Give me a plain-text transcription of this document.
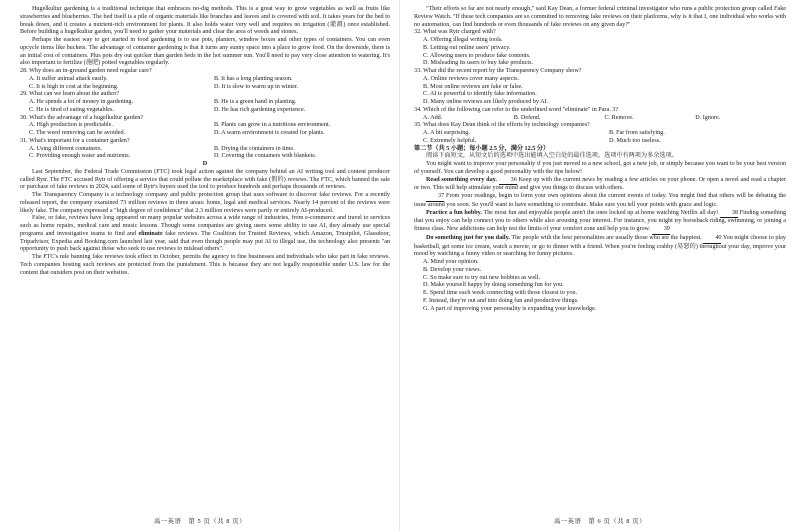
Hugelkultur gardening is a traditional technique that embraces no-dig methods. This is a great way to grow vegetables as well as fruits like strawberries and blueberries. The bed itself is a pile of organic materials like branches and leaves and is covered with soil. It takes years for the bed to break down, and it creates a nutrient-rich environment for plants. It also holds water very well and requires no irrigation (灌溉) once established. Before building a hugelkultur garden, you'll need to gather your materials and clear the area of weeds and stones.

Perhaps the easiest way to get started in food gardening is to use pots, planters, window boxes and other types of containers. You can even upcycle items like buckets. The advantage of container gardening is that it turns any sunny space into a place to grow food. On the downside, there is an initial cost of containers. Plus pots dry out quicker than garden beds in the hot summer sun. You'll need to pay very close attention to watering. It's also important to fertilize (施肥) potted vegetables regularly.

28. Why does an in-ground garden need regular care?

A. It suffer animal attack easily.	B. It has a long planting season.
C. It is high in cost at the beginning.	D. It is slow to warm up in winter.

29. What can we learn about the author?

A. He spends a lot of money in gardening.	B. He is a green hand in planting.
C. He is tired of eating vegetables.	D. He has rich gardening experience.

30. What's the advantage of a hugelkultur garden?

A. High production is predictable.	B. Plants can grow in a nutritious environment.
C. The weed removing can be avoided.	D. A warm environment is created for plants.

31. What's important for a container garden?

A. Using different containers.	B. Drying the containers in time.
C. Providing enough water and nutrients.	D. Covering the containers with blankets.

D

Last September, the Federal Trade Commission (FTC) took legal action against the company behind an AI writing tool and content producer called Rytr. The FTC accused Rytr of offering a service that could pollute the marketplace with fake (假的) reviews. The FTC, which banned the sale or purchase of fake reviews in 2024, said some of Rytr's buyers used the tool to produce hundreds and perhaps thousands of reviews.

The Transparency Company is a technology company and public protection group that uses software to discover fake reviews. For a recently released report, the company examined 73 million reviews in three areas: home, legal and medical services. Nearly 14 percent of the reviews were likely fake. The company expressed a "high degree of confidence" that 2.3 million reviews were partly or entirely AI-produced.

False, or fake, reviews have long appeared on many popular websites across a wide range of industries, from e-commerce and travel to services such as home repairs, medical care and music lessons. Though some companies are giving users some ability to use AI, they already use special programs and investigative teams to find and eliminate fake reviews. The Coalition for Trusted Reviews, which Amazon, Trustpilot, Glassdoor, Tripadvisor, Expedia and Booking.com launched last year, said that even though people may put AI to illegal use, the technology also presents "an opportunity to push back against those who seek to use reviews to mislead others".

The FTC's rule banning fake reviews took effect in October, permits the agency to fine businesses and individuals who take part in fake reviews. Tech companies hosting such reviews are protected from the punishment. This is because they are not legally responsible under U.S. law for the content that outsiders post on their websites.

高一英语　第 5 页（共 8 页）

"Their efforts so far are not nearly enough," said Kay Dean, a former federal criminal investigator who runs a public protection group called Fake Review Watch. "If these tech companies are so committed to removing fake reviews on their platforms, why is it that I, one individual who works with no automation, can find hundreds or even thousands of fake reviews on any given day?"

32. What was Rytr charged with?

A. Offering illegal writing tools.
B. Letting out online users' privacy.
C. Allowing users to produce fake contents.
D. Misleading its users to buy fake products.

33. What did the recent report by the Transparency Company show?

A. Online reviews cover many aspects.
B. Most online reviews are fake or false.
C. AI is powerful to identify fake information.
D. Many online reviews are likely produced by AI.

34. Which of the following can refer to the underlined word "eliminate" in Para. 3?

A. Add.	B. Defend.	C. Remove.	D. Ignore.

35. What does Kay Dean think of the efforts by technology companies?

A. A bit surprising.	B. Far from satisfying.
C. Extremely helpful.	D. Much too useless.

第二节（共 5 小题；每小题 2.5 分，满分 12.5 分）

阅读下面短文，从短文后的选项中选出能填入空白处的最佳选项。选项中有两项为多余选项。

You might want to improve your personality if you just moved to a new school, got a new job, or simply because you want to be your best version of yourself. You can develop a good personality with the tips below!

Read something every day. 36 Keep up with the current news by reading a few articles on your phone. Or open a novel and read a chapter or two. This will help stimulate your mind and give you things to discuss with others.

37 From your readings, begin to form your own opinions about the current events of today. You might find that others will be debating the issue around you soon. So you'll want to have something to contribute. Make sure you tell your points with grace and logic.

Practice a fun hobby. The most fun and enjoyable people aren't the ones locked up at home watching Netflix all day! 38 Finding something that you enjoy can help connect you to others while also arousing your interest. For instance, you might try horseback riding, swimming, or joining a fitness class. New addictions can help test the limits of your comfort zone and help you to grow. 39

Do something just for you daily. The people with the best personalities are usually those who are the happiest. 40 You might choose to play basketball, get some ice cream, watch a movie, or go to dinner with a friend. When you're feeling crabby (易怒的) throughout your day, improve your mood by watching a funny video or searching for funny pictures.

A. Mind your opinion.
B. Develop your views.
C. So make sure to try out new hobbies as well.
D. Make yourself happy by doing something fun for you.
E. Spend time each week connecting with those closest to you.
F. Instead, they're out and into doing fun and productive things.
G. A part of improving your personality is expanding your knowledge.
高一英语　第 6 页（共 8 页）
